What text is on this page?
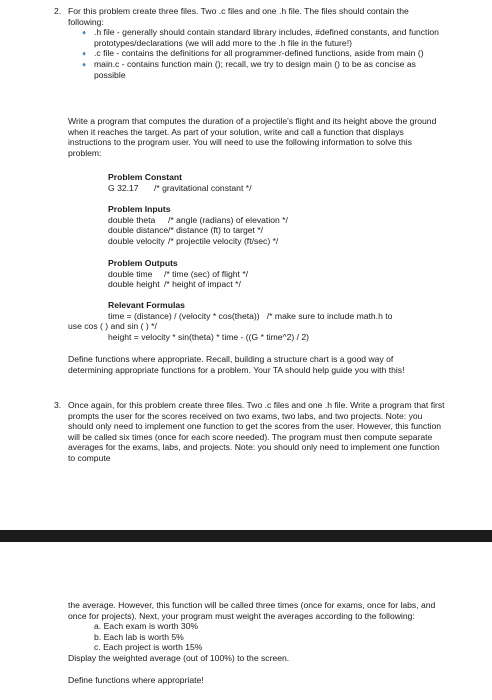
2. For this problem create three files. Two .c files and one .h file. The files should contain the following:

➧ .h file - generally should contain standard library includes, #defined constants, and function prototypes/declarations (we will add more to the .h file in the future!)
➧ .c file - contains the definitions for all programmer-defined functions, aside from main ()
➧ main.c - contains function main (); recall, we try to design main () to be as concise as possible

Write a program that computes the duration of a projectile's flight and its height above the ground when it reaches the target. As part of your solution, write and call a function that displays instructions to the program user. You will need to use the following information to solve this problem:

Problem Constant

G 32.17 /* gravitational constant */

Problem Inputs

double theta /* angle (radians) of elevation */
double distance/* distance (ft) to target */
double velocity /* projectile velocity (ft/sec) */

Problem Outputs

double time /* time (sec) of flight */
double height /* height of impact */

Relevant Formulas

time = (distance) / (velocity * cos(theta))   /* make sure to include math.h to

use cos ( ) and sin ( ) */

height = velocity * sin(theta) * time - ((G * time^2) / 2)

Define functions where appropriate. Recall, building a structure chart is a good way of determining appropriate functions for a problem. Your TA should help guide you with this!

3. Once again, for this problem create three files. Two .c files and one .h file. Write a program that first prompts the user for the scores received on two exams, two labs, and two projects. Note: you should only need to implement one function to get the scores from the user. However, this function will be called six times (once for each score needed). The program must then compute separate averages for the exams, labs, and projects. Note: you should only need to implement one function to compute

the average. However, this function will be called three times (once for exams, once for labs, and once for projects). Next, your program must weight the averages according to the following:

a. Each exam is worth 30%
b. Each lab is worth 5%
c. Each project is worth 15%

Display the weighted average (out of 100%) to the screen.

Define functions where appropriate!
